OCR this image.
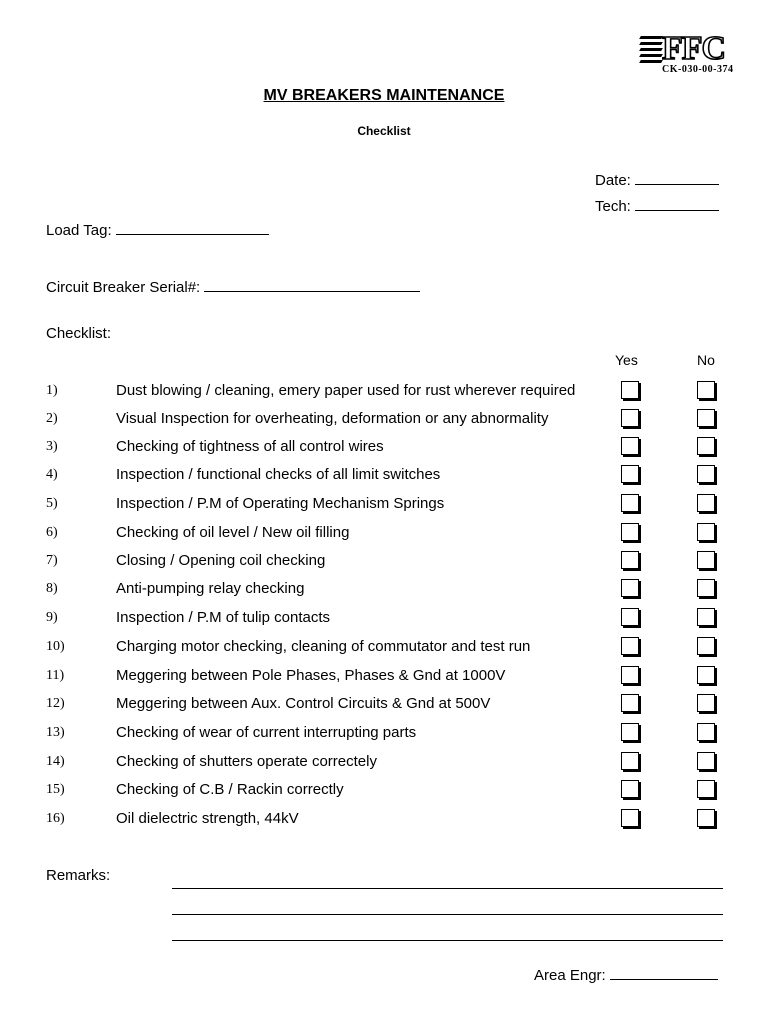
FFC
CK-030-00-374
MV BREAKERS MAINTENANCE
Checklist
Date:
Tech:
Load Tag:
Circuit Breaker Serial#:
Checklist:
Yes	No
1)	Dust blowing / cleaning, emery paper used for rust wherever required
2)	Visual Inspection for overheating, deformation or any abnormality
3)	Checking of tightness of all control wires
4)	Inspection / functional checks of all limit switches
5)	Inspection / P.M of Operating Mechanism Springs
6)	Checking of oil level / New oil filling
7)	Closing / Opening coil checking
8)	Anti-pumping relay checking
9)	Inspection / P.M of tulip contacts
10)	Charging motor checking, cleaning of commutator and test run
11)	Meggering between Pole Phases, Phases & Gnd at 1000V
12)	Meggering between Aux. Control Circuits & Gnd at 500V
13)	Checking of wear of current interrupting parts
14)	Checking of shutters operate correctely
15)	Checking of C.B / Rackin correctly
16)	Oil dielectric strength, 44kV
Remarks:
Area Engr:
